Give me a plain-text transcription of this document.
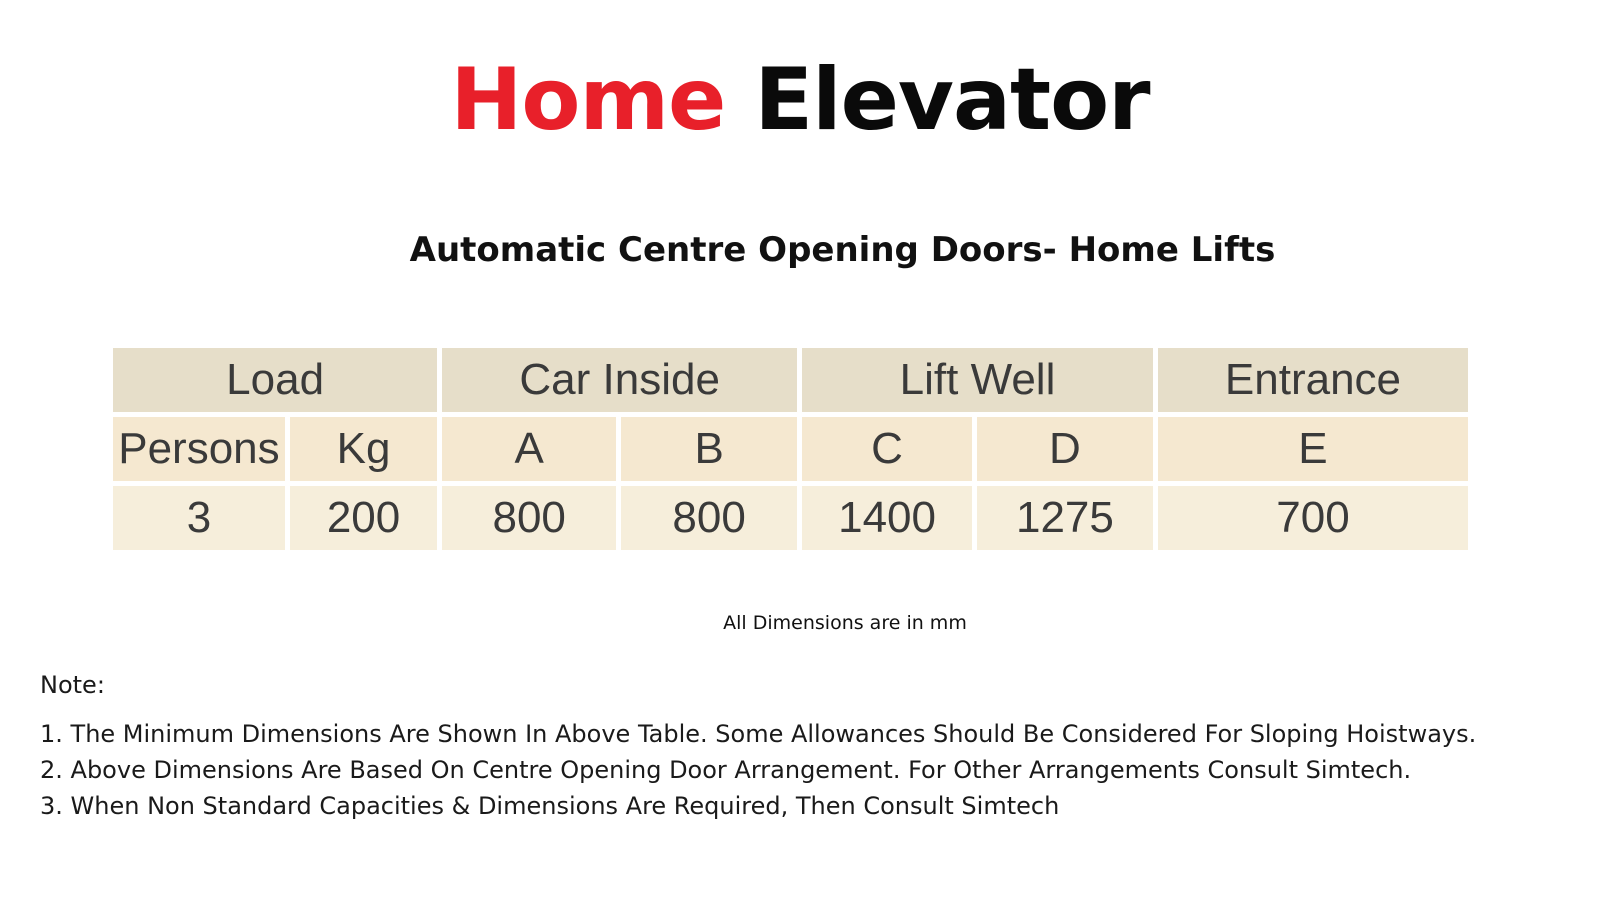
Home Elevator
Automatic Centre Opening Doors- Home Lifts
Load		Car Inside		Lift Well		Entrance
Persons	Kg	A	B	C	D	E
3	200	800	800	1400	1275	700
All Dimensions are in mm
Note:
1. The Minimum Dimensions Are Shown In Above Table. Some Allowances Should Be Considered For Sloping Hoistways.
2. Above Dimensions Are Based On Centre Opening Door Arrangement. For Other Arrangements Consult Simtech.
3. When Non Standard Capacities & Dimensions Are Required, Then Consult Simtech
